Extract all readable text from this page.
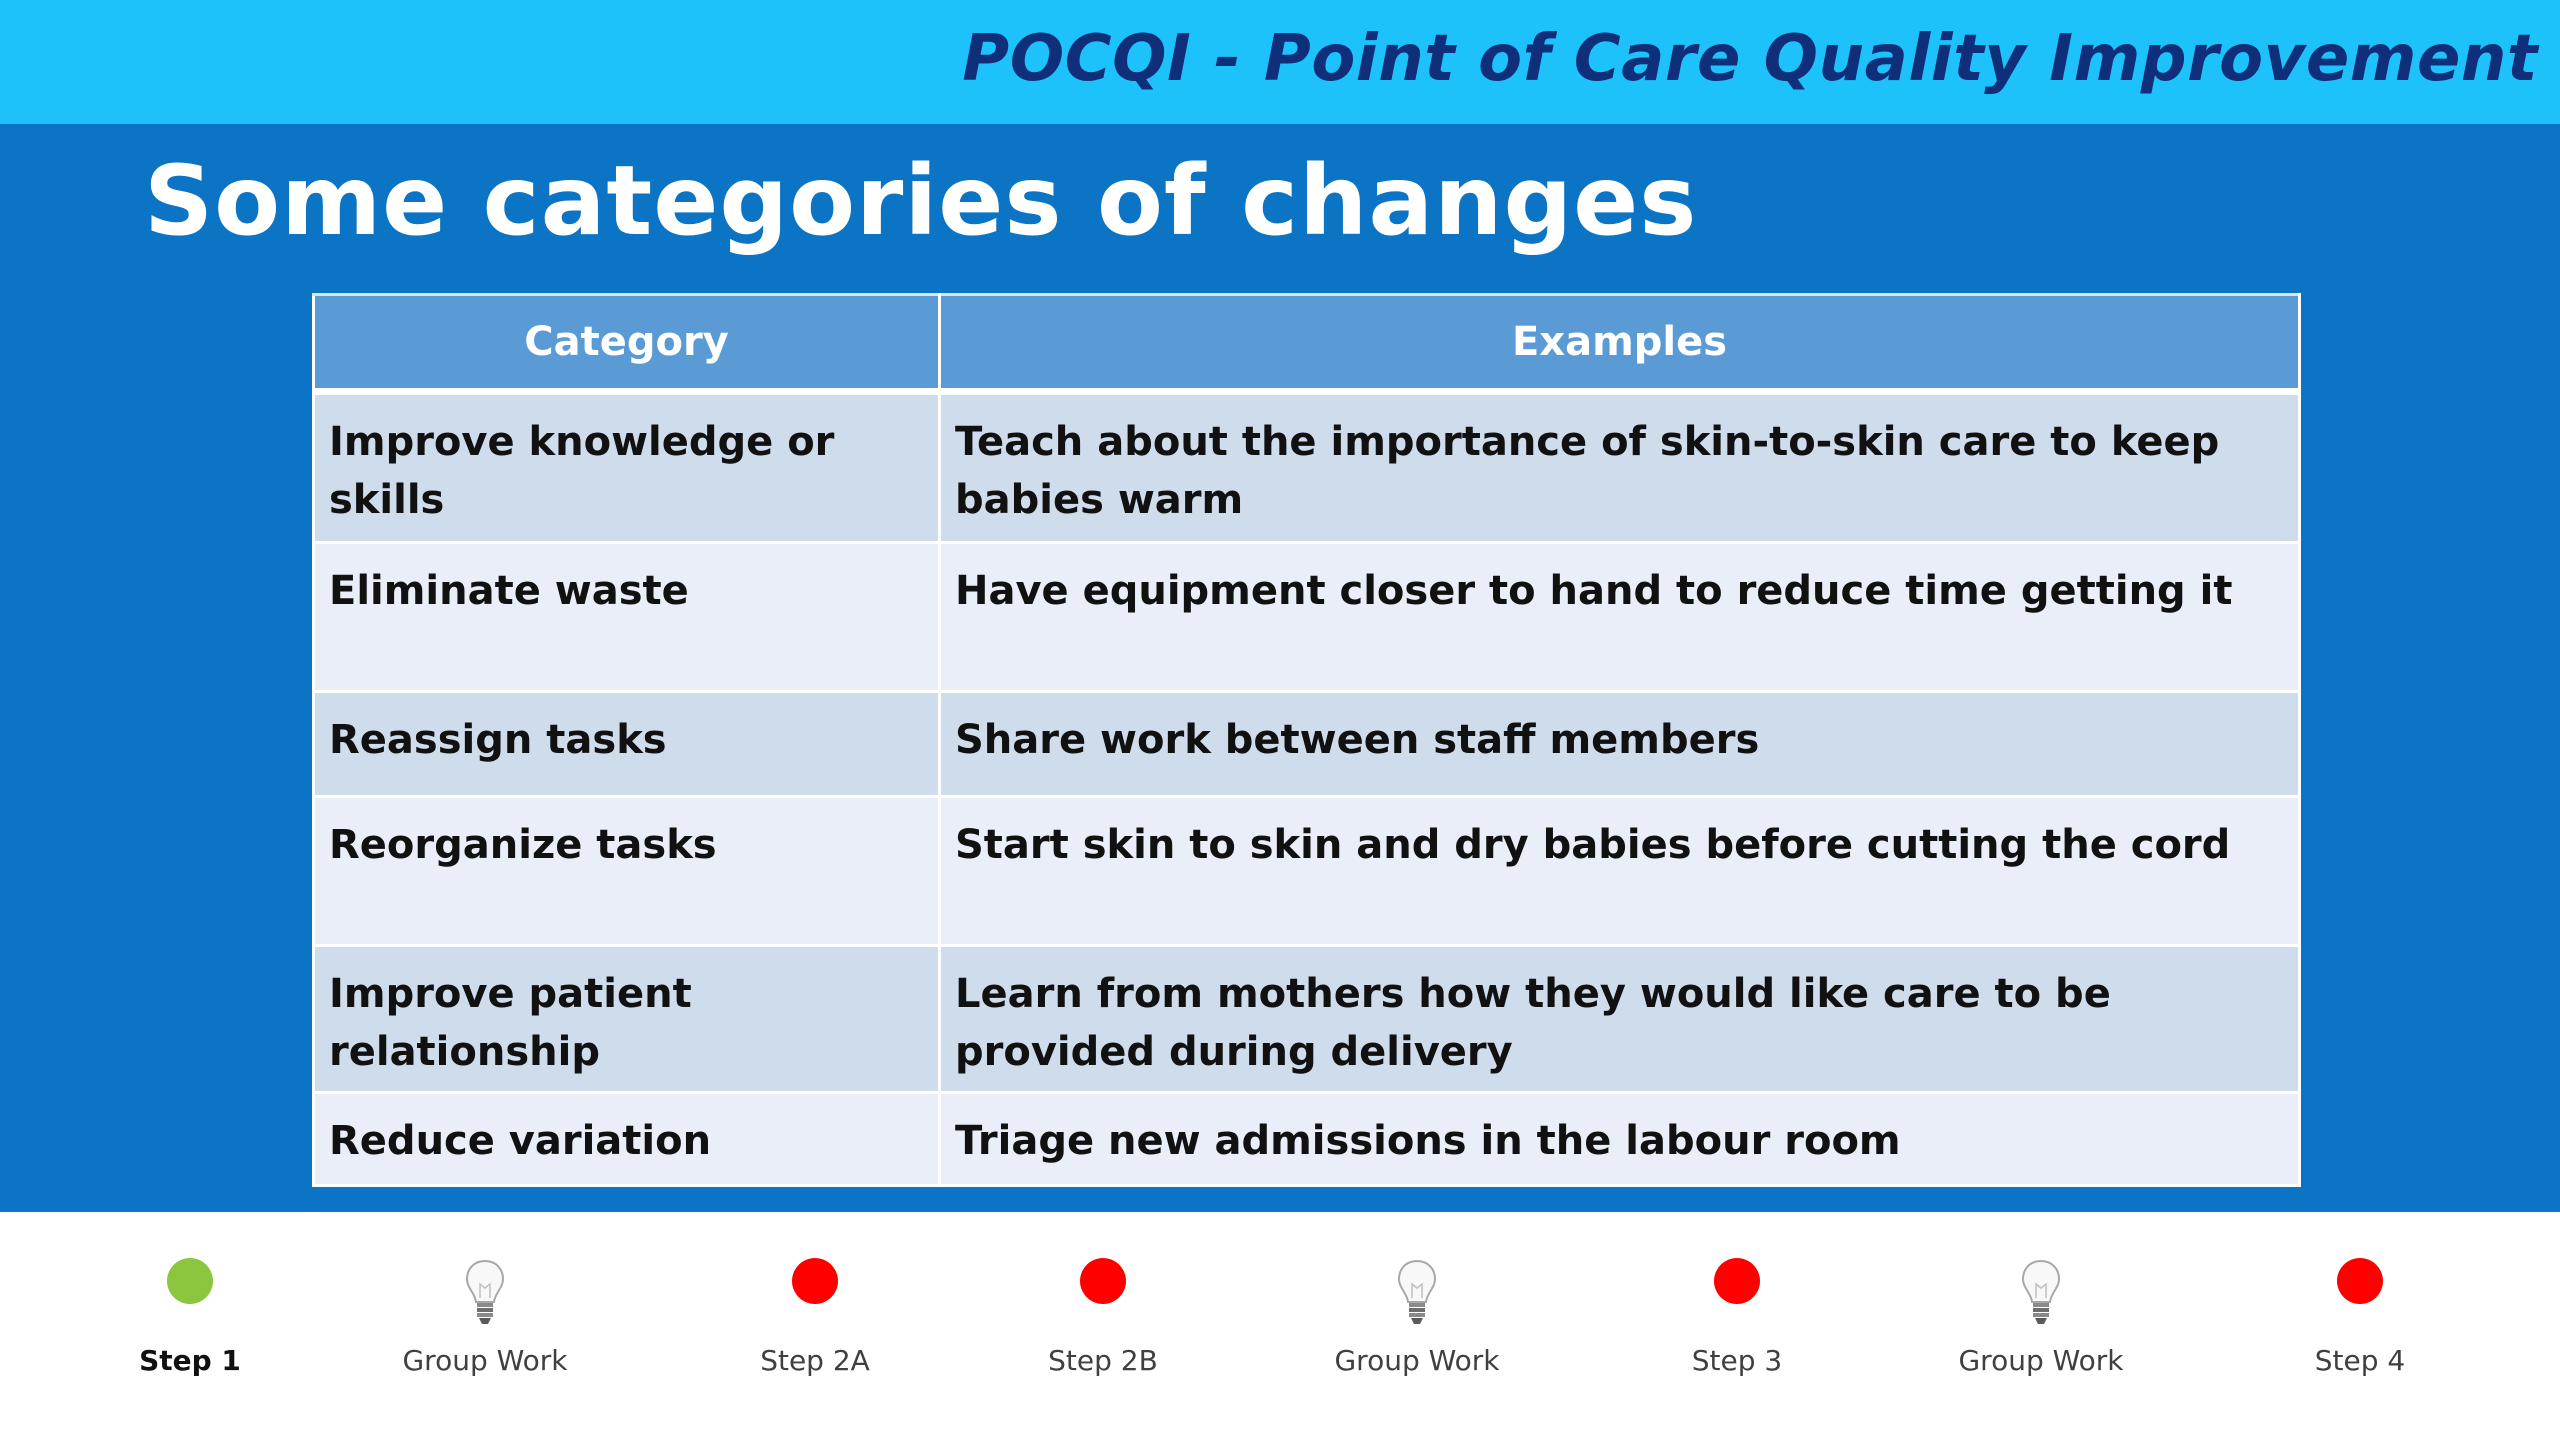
POCQI - Point of Care Quality Improvement
Some categories of changes
Category	Examples
Improve knowledge or skills	Teach about the importance of skin-to-skin care to keep babies warm
Eliminate waste	Have equipment closer to hand to reduce time getting it
Reassign tasks	Share work between staff members
Reorganize tasks	Start skin to skin and dry babies before cutting the cord
Improve patient relationship	Learn from mothers how they would like care to be provided during delivery
Reduce variation	Triage new admissions in the labour room
Step 1	Group Work	Step 2A	Step 2B	Group Work	Step 3	Group Work	Step 4
